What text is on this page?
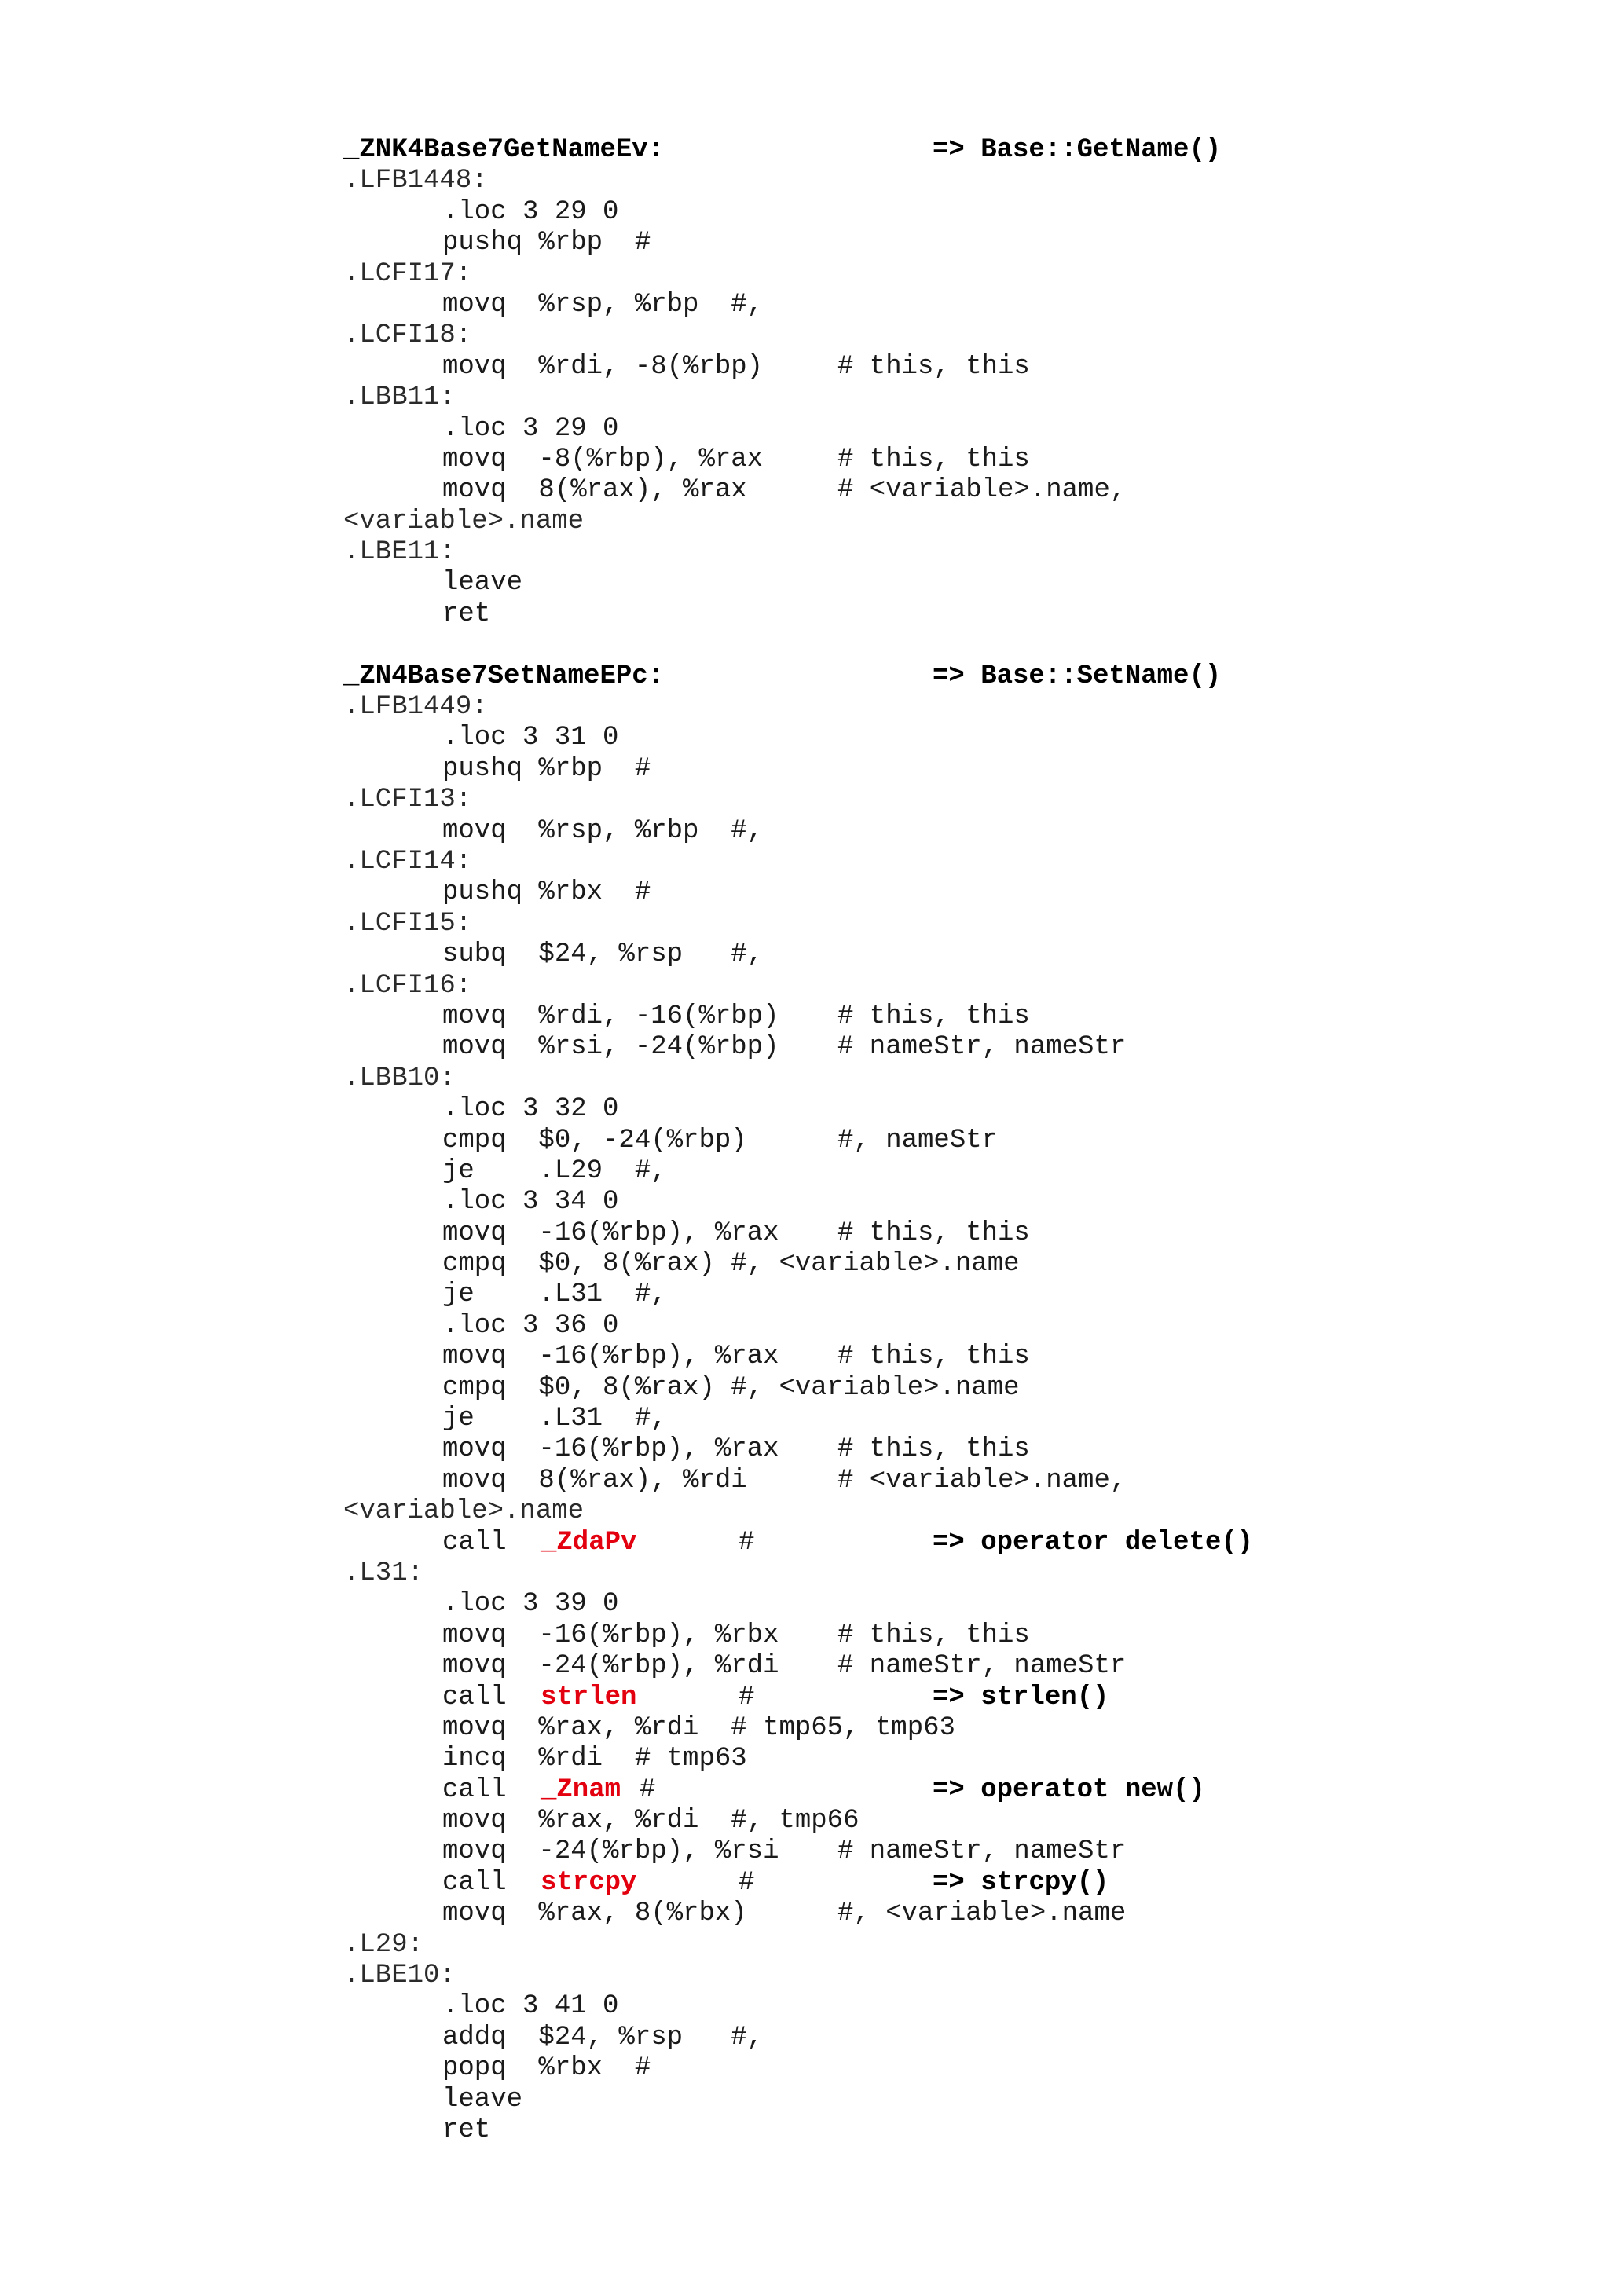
_ZNK4Base7GetNameEv:	=> Base::GetName()
.LFB1448:
.loc 3 29 0
pushq %rbp  #
.LCFI17:
movq  %rsp, %rbp  #,
.LCFI18:
movq  %rdi, -8(%rbp)	# this, this
.LBB11:
.loc 3 29 0
movq  -8(%rbp), %rax	# this, this
movq  8(%rax), %rax	# <variable>.name,
<variable>.name
.LBE11:
leave
ret
_ZN4Base7SetNameEPc:	=> Base::SetName()
.LFB1449:
.loc 3 31 0
pushq %rbp  #
.LCFI13:
movq  %rsp, %rbp  #,
.LCFI14:
pushq %rbx  #
.LCFI15:
subq  $24, %rsp   #,
.LCFI16:
movq  %rdi, -16(%rbp) # this, this
movq  %rsi, -24(%rbp) # nameStr, nameStr
.LBB10:
.loc 3 32 0
cmpq  $0, -24(%rbp)	#, nameStr
je    .L29  #,
.loc 3 34 0
movq  -16(%rbp), %rax # this, this
cmpq  $0, 8(%rax) #, <variable>.name
je    .L31  #,
.loc 3 36 0
movq  -16(%rbp), %rax # this, this
cmpq  $0, 8(%rax) #, <variable>.name
je    .L31  #,
movq  -16(%rbp), %rax # this, this
movq  8(%rax), %rdi	# <variable>.name,
<variable>.name
call _ZdaPv	#	=> operator delete()
.L31:
.loc 3 39 0
movq  -16(%rbp), %rbx # this, this
movq  -24(%rbp), %rdi # nameStr, nameStr
call strlen	#	=> strlen()
movq  %rax, %rdi  # tmp65, tmp63
incq  %rdi  # tmp63
call _Znam #	=> operatot new()
movq  %rax, %rdi  #, tmp66
movq  -24(%rbp), %rsi # nameStr, nameStr
call strcpy	#	=> strcpy()
movq  %rax, 8(%rbx)	#, <variable>.name
.L29:
.LBE10:
.loc 3 41 0
addq  $24, %rsp   #,
popq  %rbx  #
leave
ret
